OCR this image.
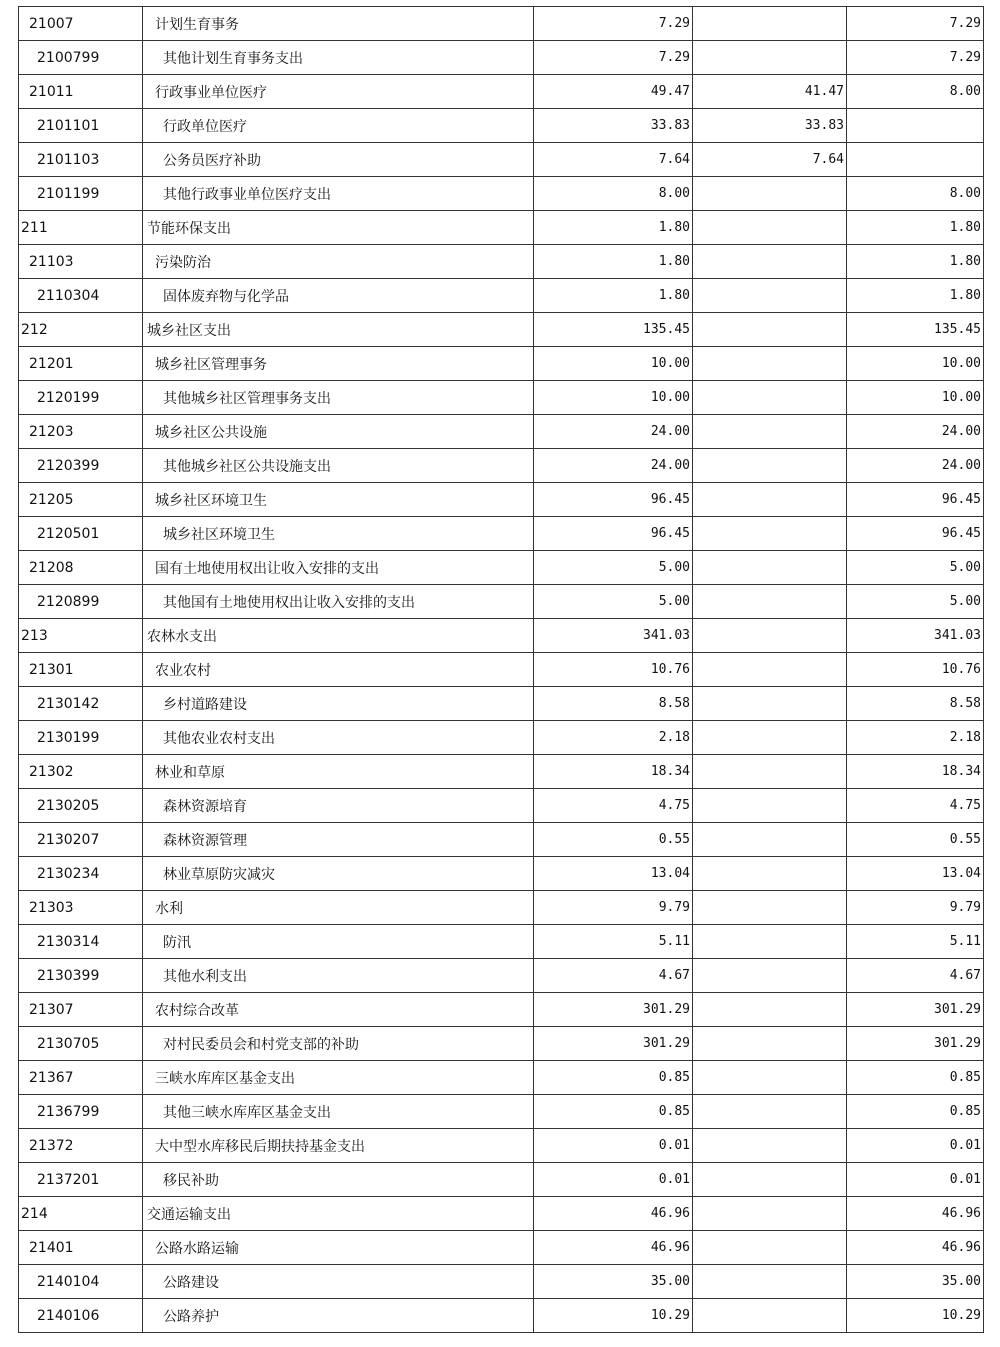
21007	计划生育事务	7.29		7.29
2100799	其他计划生育事务支出	7.29		7.29
21011	行政事业单位医疗	49.47	41.47	8.00
2101101	行政单位医疗	33.83	33.83	
2101103	公务员医疗补助	7.64	7.64	
2101199	其他行政事业单位医疗支出	8.00		8.00
211	节能环保支出	1.80		1.80
21103	污染防治	1.80		1.80
2110304	固体废弃物与化学品	1.80		1.80
212	城乡社区支出	135.45		135.45
21201	城乡社区管理事务	10.00		10.00
2120199	其他城乡社区管理事务支出	10.00		10.00
21203	城乡社区公共设施	24.00		24.00
2120399	其他城乡社区公共设施支出	24.00		24.00
21205	城乡社区环境卫生	96.45		96.45
2120501	城乡社区环境卫生	96.45		96.45
21208	国有土地使用权出让收入安排的支出	5.00		5.00
2120899	其他国有土地使用权出让收入安排的支出	5.00		5.00
213	农林水支出	341.03		341.03
21301	农业农村	10.76		10.76
2130142	乡村道路建设	8.58		8.58
2130199	其他农业农村支出	2.18		2.18
21302	林业和草原	18.34		18.34
2130205	森林资源培育	4.75		4.75
2130207	森林资源管理	0.55		0.55
2130234	林业草原防灾减灾	13.04		13.04
21303	水利	9.79		9.79
2130314	防汛	5.11		5.11
2130399	其他水利支出	4.67		4.67
21307	农村综合改革	301.29		301.29
2130705	对村民委员会和村党支部的补助	301.29		301.29
21367	三峡水库库区基金支出	0.85		0.85
2136799	其他三峡水库库区基金支出	0.85		0.85
21372	大中型水库移民后期扶持基金支出	0.01		0.01
2137201	移民补助	0.01		0.01
214	交通运输支出	46.96		46.96
21401	公路水路运输	46.96		46.96
2140104	公路建设	35.00		35.00
2140106	公路养护	10.29		10.29
